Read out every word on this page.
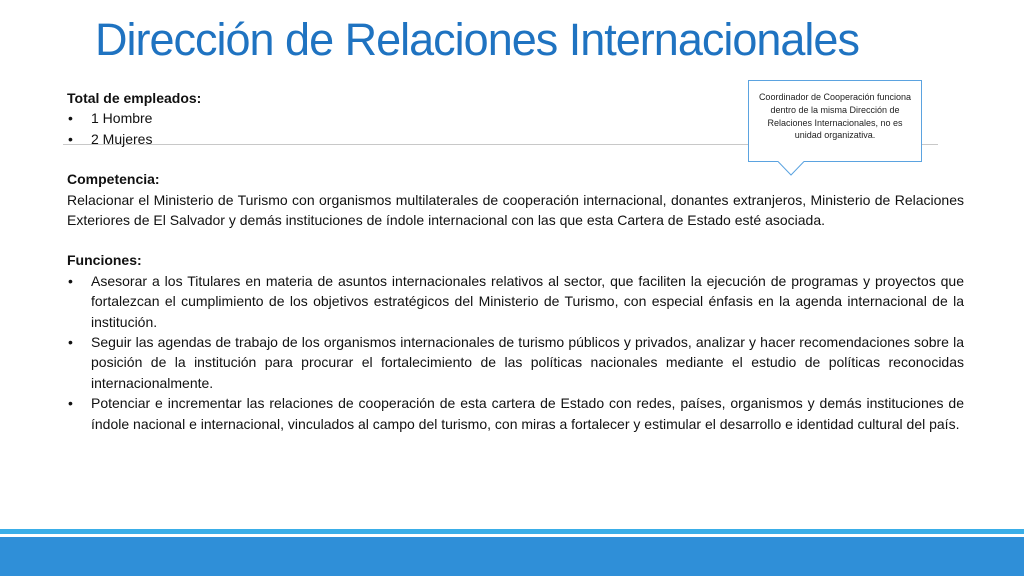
Dirección de Relaciones Internacionales

Total de empleados:

• 1 Hombre
• 2 Mujeres

Competencia:

Relacionar el Ministerio de Turismo con organismos multilaterales de cooperación internacional, donantes extranjeros, Ministerio de Relaciones Exteriores de El Salvador y demás instituciones de índole internacional con las que esta Cartera de Estado esté asociada.

Funciones:

• Asesorar a los Titulares en materia de asuntos internacionales relativos al sector, que faciliten la ejecución de programas y proyectos que fortalezcan el cumplimiento de los objetivos estratégicos del Ministerio de Turismo, con especial énfasis en la agenda internacional de la institución.
• Seguir las agendas de trabajo de los organismos internacionales de turismo públicos y privados, analizar y hacer recomendaciones sobre la posición de la institución para procurar el fortalecimiento de las políticas nacionales mediante el estudio de políticas reconocidas internacionalmente.
• Potenciar e incrementar las relaciones de cooperación de esta cartera de Estado con redes, países, organismos y demás instituciones de índole nacional e internacional, vinculados al campo del turismo, con miras a fortalecer y estimular el desarrollo e identidad cultural del país.
Coordinador de Cooperación funciona dentro de la misma Dirección de Relaciones Internacionales, no es unidad organizativa.
